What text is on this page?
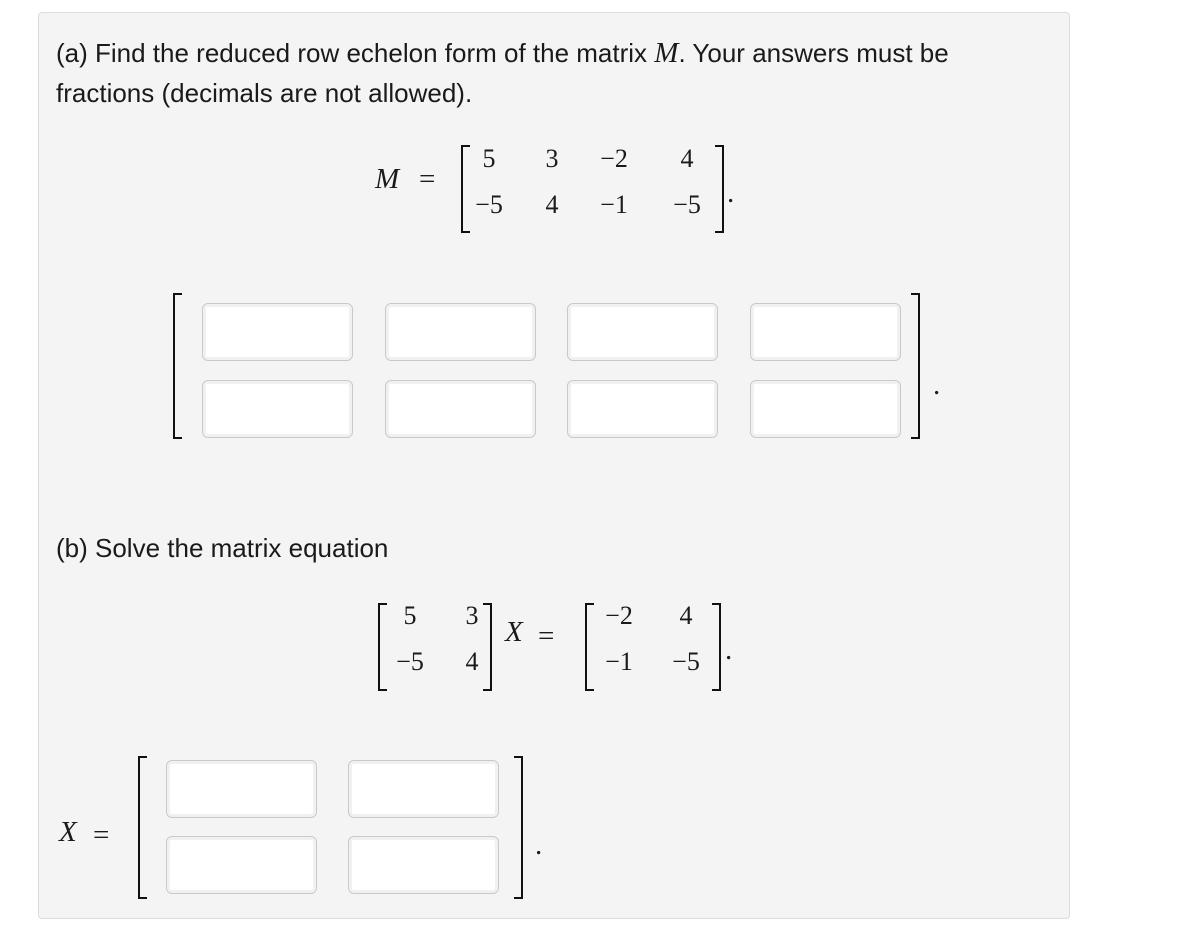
(a) Find the reduced row echelon form of the matrix M. Your answers must be
fractions (decimals are not allowed).
M =
5	3	−2	4
−5	4	−1	−5 .
.
(b) Solve the matrix equation
5	3
−5	4
X =
−2	4
−1	−5 .
X =	.
